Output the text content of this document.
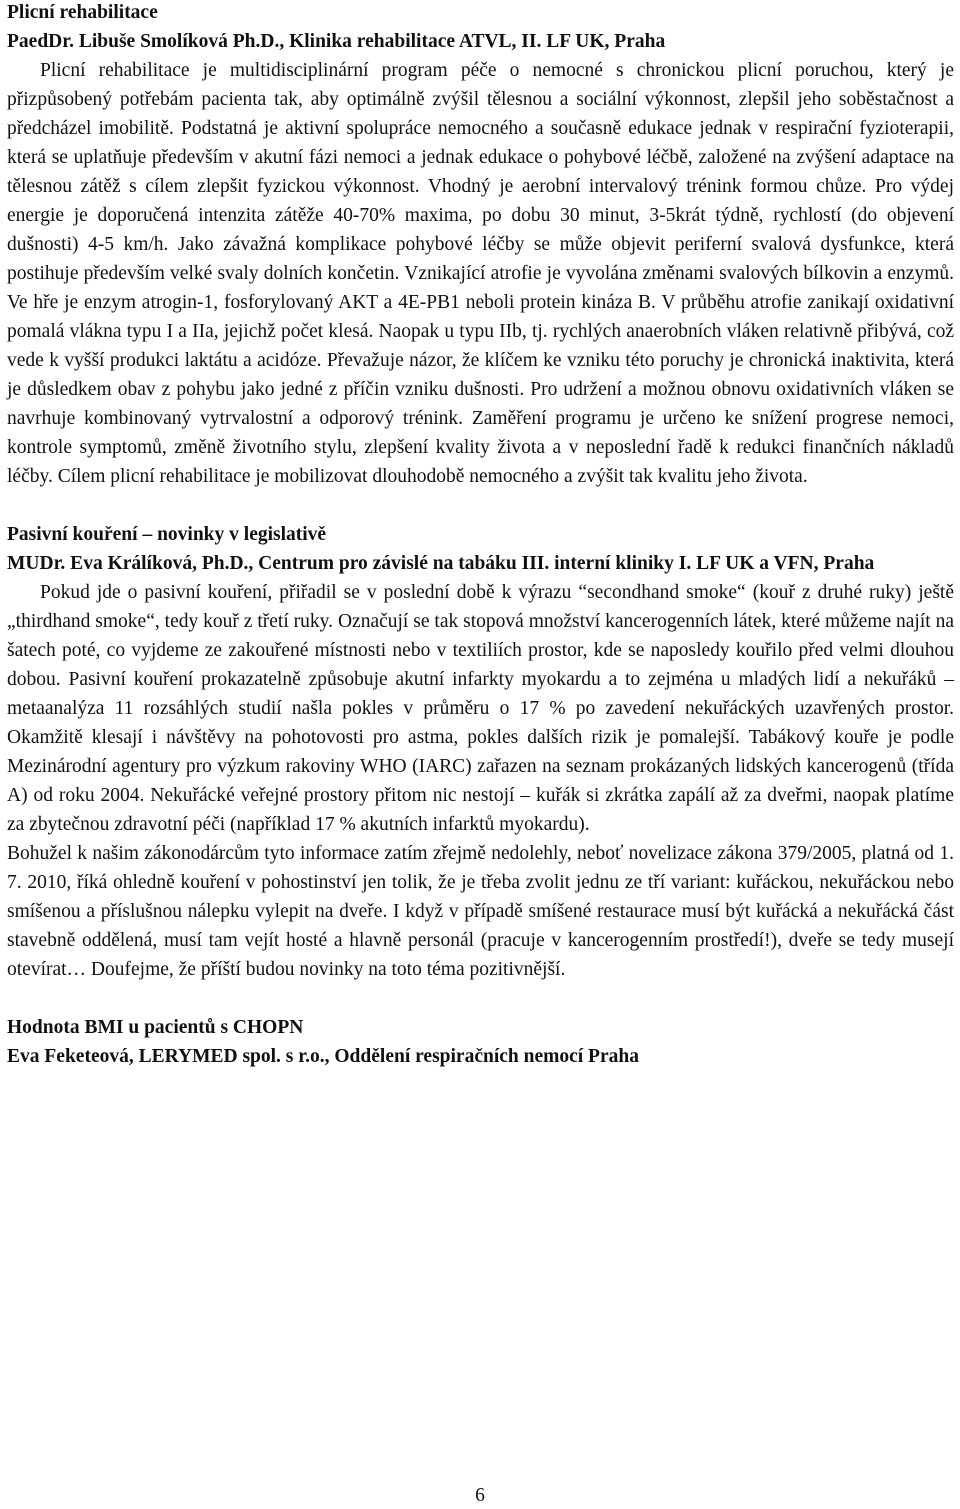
Plicní rehabilitace

PaedDr. Libuše Smolíková Ph.D., Klinika rehabilitace ATVL, II. LF UK, Praha

Plicní rehabilitace je multidisciplinární program péče o nemocné s chronickou plicní poruchou, který je přizpůsobený potřebám pacienta tak, aby optimálně zvýšil tělesnou a sociální výkonnost, zlepšil jeho soběstačnost a předcházel imobilitě. Podstatná je aktivní spolupráce nemocného a současně edukace jednak v respirační fyzioterapii, která se uplatňuje především v akutní fázi nemoci a jednak edukace o pohybové léčbě, založené na zvýšení adaptace na tělesnou zátěž s cílem zlepšit fyzickou výkonnost. Vhodný je aerobní intervalový trénink formou chůze. Pro výdej energie je doporučená intenzita zátěže 40-70% maxima, po dobu 30 minut, 3-5krát týdně, rychlostí (do objevení dušnosti) 4-5 km/h. Jako závažná komplikace pohybové léčby se může objevit periferní svalová dysfunkce, která postihuje především velké svaly dolních končetin. Vznikající atrofie je vyvolána změnami svalových bílkovin a enzymů. Ve hře je enzym atrogin-1, fosforylovaný AKT a 4E-PB1 neboli protein kináza B. V průběhu atrofie zanikají oxidativní pomalá vlákna typu I a IIa, jejichž počet klesá. Naopak u typu IIb, tj. rychlých anaerobních vláken relativně přibývá, což vede k vyšší produkci laktátu a acidóze. Převažuje názor, že klíčem ke vzniku této poruchy je chronická inaktivita, která je důsledkem obav z pohybu jako jedné z příčin vzniku dušnosti. Pro udržení a možnou obnovu oxidativních vláken se navrhuje kombinovaný vytrvalostní a odporový trénink. Zaměření programu je určeno ke snížení progrese nemoci, kontrole symptomů, změně životního stylu, zlepšení kvality života a v neposlední řadě k redukci finančních nákladů léčby. Cílem plicní rehabilitace je mobilizovat dlouhodobě nemocného a zvýšit tak kvalitu jeho života.

Pasivní kouření – novinky v legislativě

MUDr. Eva Králíková, Ph.D., Centrum pro závislé na tabáku III. interní kliniky I. LF UK a VFN, Praha

Pokud jde o pasivní kouření, přiřadil se v poslední době k výrazu “secondhand smoke“ (kouř z druhé ruky) ještě „thirdhand smoke“, tedy kouř z třetí ruky. Označují se tak stopová množství kancerogenních látek, které můžeme najít na šatech poté, co vyjdeme ze zakouřené místnosti nebo v textiliích prostor, kde se naposledy kouřilo před velmi dlouhou dobou. Pasivní kouření prokazatelně způsobuje akutní infarkty myokardu a to zejména u mladých lidí a nekuřáků – metaanalýza 11 rozsáhlých studií našla pokles v průměru o 17 % po zavedení nekuřáckých uzavřených prostor. Okamžitě klesají i návštěvy na pohotovosti pro astma, pokles dalších rizik je pomalejší. Tabákový kouře je podle Mezinárodní agentury pro výzkum rakoviny WHO (IARC) zařazen na seznam prokázaných lidských kancerogenů (třída A) od roku 2004. Nekuřácké veřejné prostory přitom nic nestojí – kuřák si zkrátka zapálí až za dveřmi, naopak platíme za zbytečnou zdravotní péči (například 17 % akutních infarktů myokardu).

Bohužel k našim zákonodárcům tyto informace zatím zřejmě nedolehly, neboť novelizace zákona 379/2005, platná od 1. 7. 2010, říká ohledně kouření v pohostinství jen tolik, že je třeba zvolit jednu ze tří variant: kuřáckou, nekuřáckou nebo smíšenou a příslušnou nálepku vylepit na dveře. I když v případě smíšené restaurace musí být kuřácká a nekuřácká část stavebně oddělená, musí tam vejít hosté a hlavně personál (pracuje v kancerogenním prostředí!), dveře se tedy musejí otevírat… Doufejme, že příští budou novinky na toto téma pozitivnější.

Hodnota BMI u pacientů s CHOPN

Eva Feketeová, LERYMED spol. s r.o., Oddělení respiračních nemocí Praha

6
